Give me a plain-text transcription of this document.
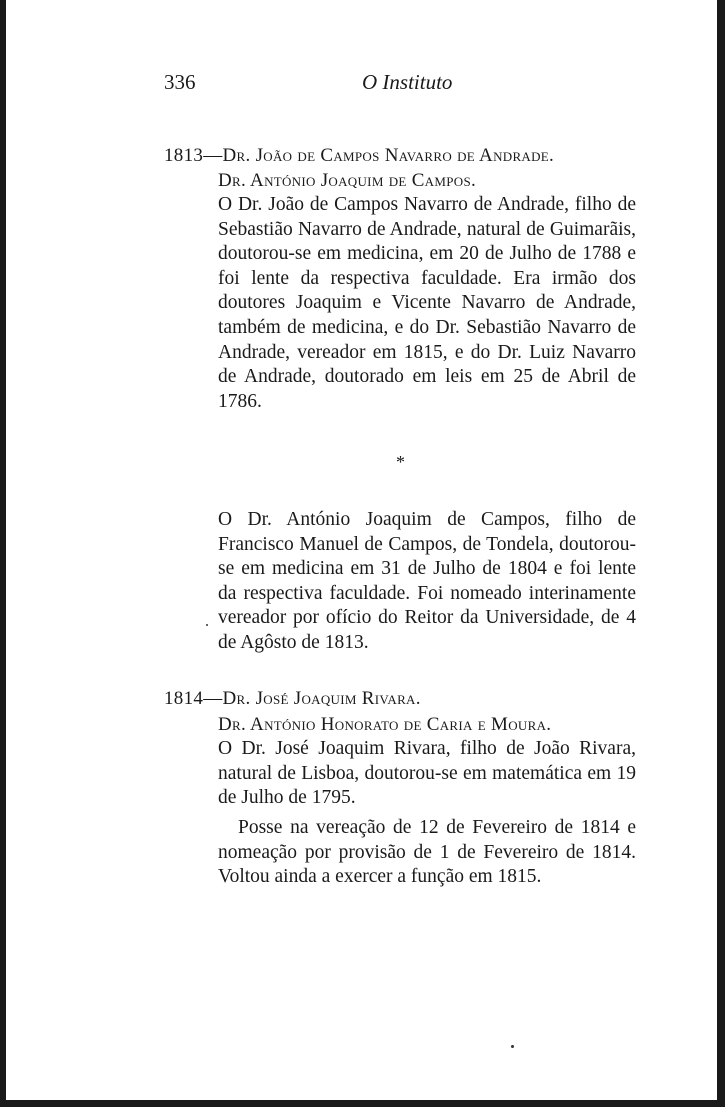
336	O Instituto
1813—Dr. João de Campos Navarro de Andrade.
Dr. António Joaquim de Campos.
O Dr. João de Campos Navarro de Andrade, filho de Sebastião Navarro de Andrade, natural de Guimarãis, doutorou-se em medicina, em 20 de Julho de 1788 e foi lente da respectiva faculdade. Era irmão dos doutores Joaquim e Vicente Navarro de Andrade, também de medicina, e do Dr. Sebastião Navarro de Andrade, vereador em 1815, e do Dr. Luiz Navarro de Andrade, doutorado em leis em 25 de Abril de 1786.
*
O Dr. António Joaquim de Campos, filho de Francisco Manuel de Campos, de Tondela, doutorou-se em medicina em 31 de Julho de 1804 e foi lente da respectiva faculdade. Foi nomeado interinamente vereador por ofício do Reitor da Universidade, de 4 de Agôsto de 1813.
1814—Dr. José Joaquim Rivara.
Dr. António Honorato de Caria e Moura.
O Dr. José Joaquim Rivara, filho de João Rivara, natural de Lisboa, doutorou-se em matemática em 19 de Julho de 1795.
Posse na vereação de 12 de Fevereiro de 1814 e nomeação por provisão de 1 de Fevereiro de 1814. Voltou ainda a exercer a função em 1815.
